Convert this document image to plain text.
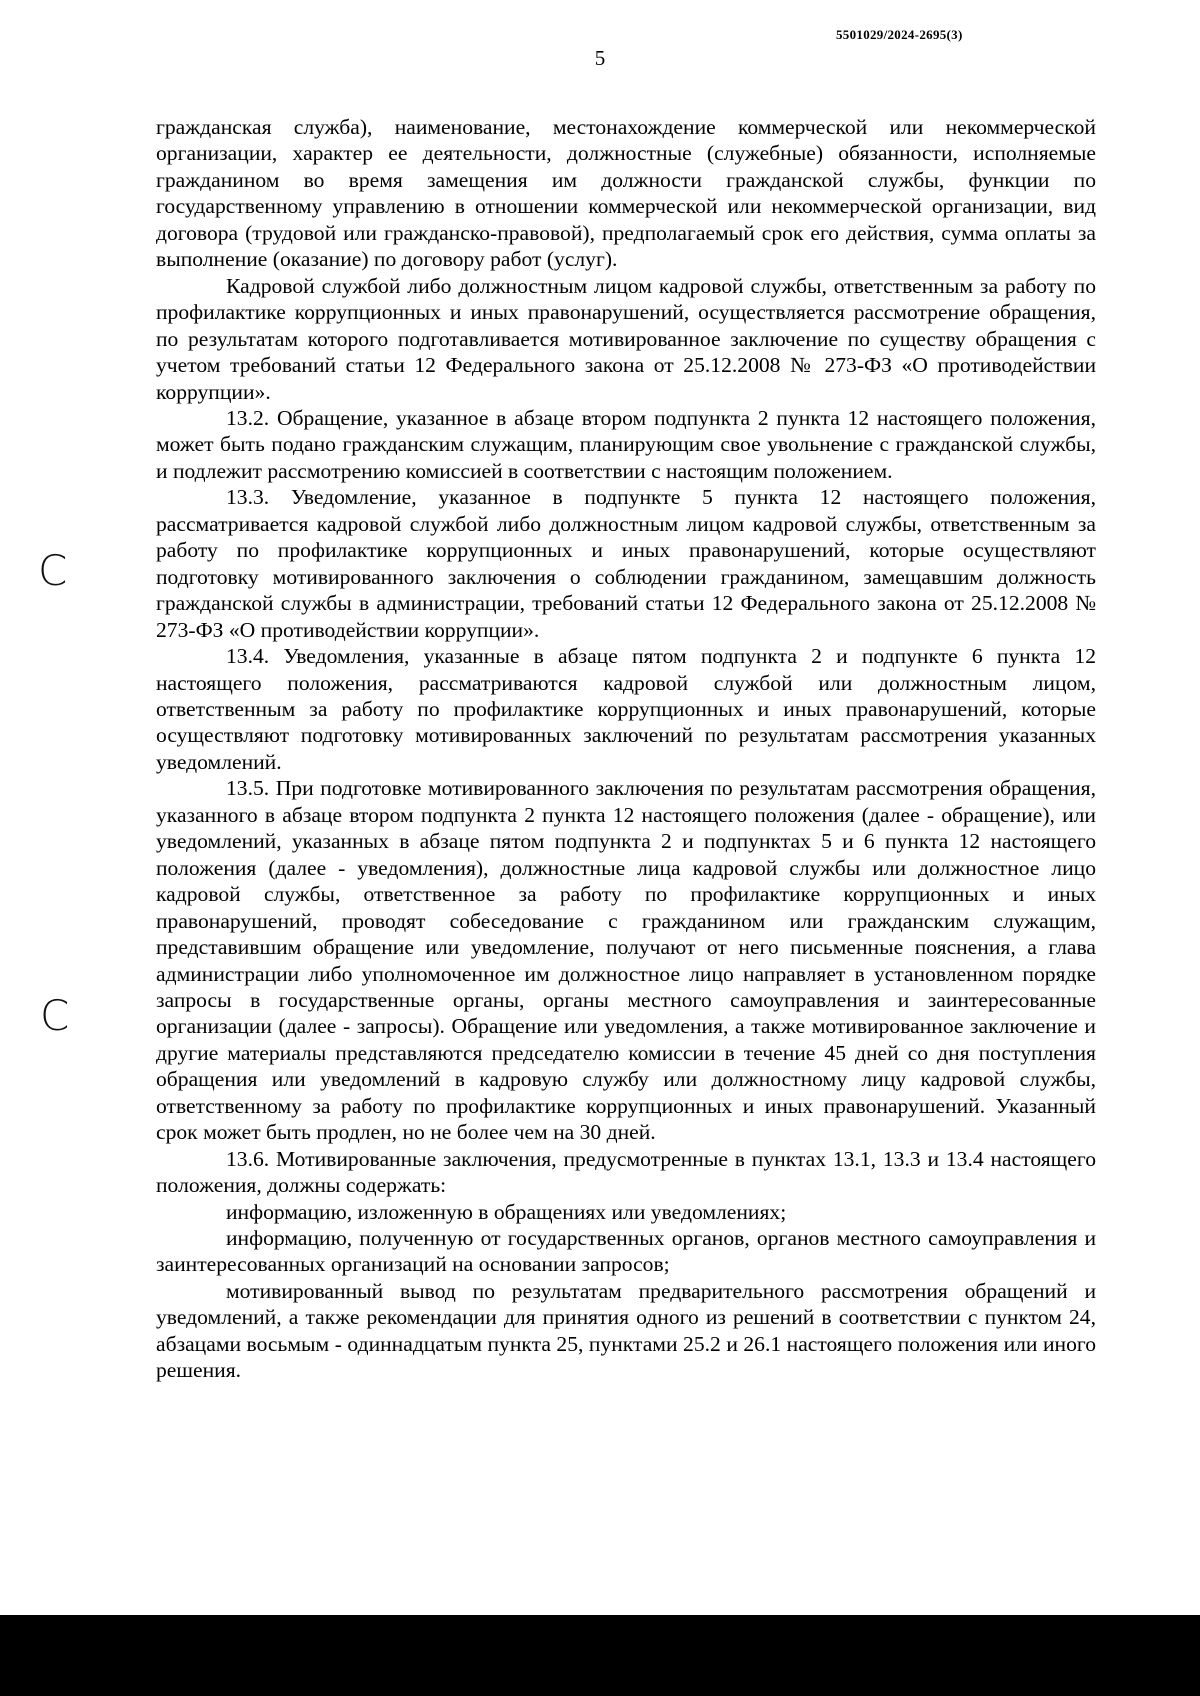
5501029/2024-2695(3)
5

гражданская служба), наименование, местонахождение коммерческой или некоммерческой организации, характер ее деятельности, должностные (служебные) обязанности, исполняемые гражданином во время замещения им должности гражданской службы, функции по государственному управлению в отношении коммерческой или некоммерческой организации, вид договора (трудовой или гражданско-правовой), предполагаемый срок его действия, сумма оплаты за выполнение (оказание) по договору работ (услуг).

Кадровой службой либо должностным лицом кадровой службы, ответственным за работу по профилактике коррупционных и иных правонарушений, осуществляется рассмотрение обращения, по результатам которого подготавливается мотивированное заключение по существу обращения с учетом требований статьи 12 Федерального закона от 25.12.2008 № 273-ФЗ «О противодействии коррупции».

13.2. Обращение, указанное в абзаце втором подпункта 2 пункта 12 настоящего положения, может быть подано гражданским служащим, планирующим свое увольнение с гражданской службы, и подлежит рассмотрению комиссией в соответствии с настоящим положением.

13.3. Уведомление, указанное в подпункте 5 пункта 12 настоящего положения, рассматривается кадровой службой либо должностным лицом кадровой службы, ответственным за работу по профилактике коррупционных и иных правонарушений, которые осуществляют подготовку мотивированного заключения о соблюдении гражданином, замещавшим должность гражданской службы в администрации, требований статьи 12 Федерального закона от 25.12.2008 № 273-ФЗ «О противодействии коррупции».

13.4. Уведомления, указанные в абзаце пятом подпункта 2 и подпункте 6 пункта 12 настоящего положения, рассматриваются кадровой службой или должностным лицом, ответственным за работу по профилактике коррупционных и иных правонарушений, которые осуществляют подготовку мотивированных заключений по результатам рассмотрения указанных уведомлений.

13.5. При подготовке мотивированного заключения по результатам рассмотрения обращения, указанного в абзаце втором подпункта 2 пункта 12 настоящего положения (далее - обращение), или уведомлений, указанных в абзаце пятом подпункта 2 и подпунктах 5 и 6 пункта 12 настоящего положения (далее - уведомления), должностные лица кадровой службы или должностное лицо кадровой службы, ответственное за работу по профилактике коррупционных и иных правонарушений, проводят собеседование с гражданином или гражданским служащим, представившим обращение или уведомление, получают от него письменные пояснения, а глава администрации либо уполномоченное им должностное лицо направляет в установленном порядке запросы в государственные органы, органы местного самоуправления и заинтересованные организации (далее - запросы). Обращение или уведомления, а также мотивированное заключение и другие материалы представляются председателю комиссии в течение 45 дней со дня поступления обращения или уведомлений в кадровую службу или должностному лицу кадровой службы, ответственному за работу по профилактике коррупционных и иных правонарушений. Указанный срок может быть продлен, но не более чем на 30 дней.

13.6. Мотивированные заключения, предусмотренные в пунктах 13.1, 13.3 и 13.4 настоящего положения, должны содержать:

информацию, изложенную в обращениях или уведомлениях;

информацию, полученную от государственных органов, органов местного самоуправления и заинтересованных организаций на основании запросов;

мотивированный вывод по результатам предварительного рассмотрения обращений и уведомлений, а также рекомендации для принятия одного из решений в соответствии с пунктом 24, абзацами восьмым - одиннадцатым пункта 25, пунктами 25.2 и 26.1 настоящего положения или иного решения.

C
C
